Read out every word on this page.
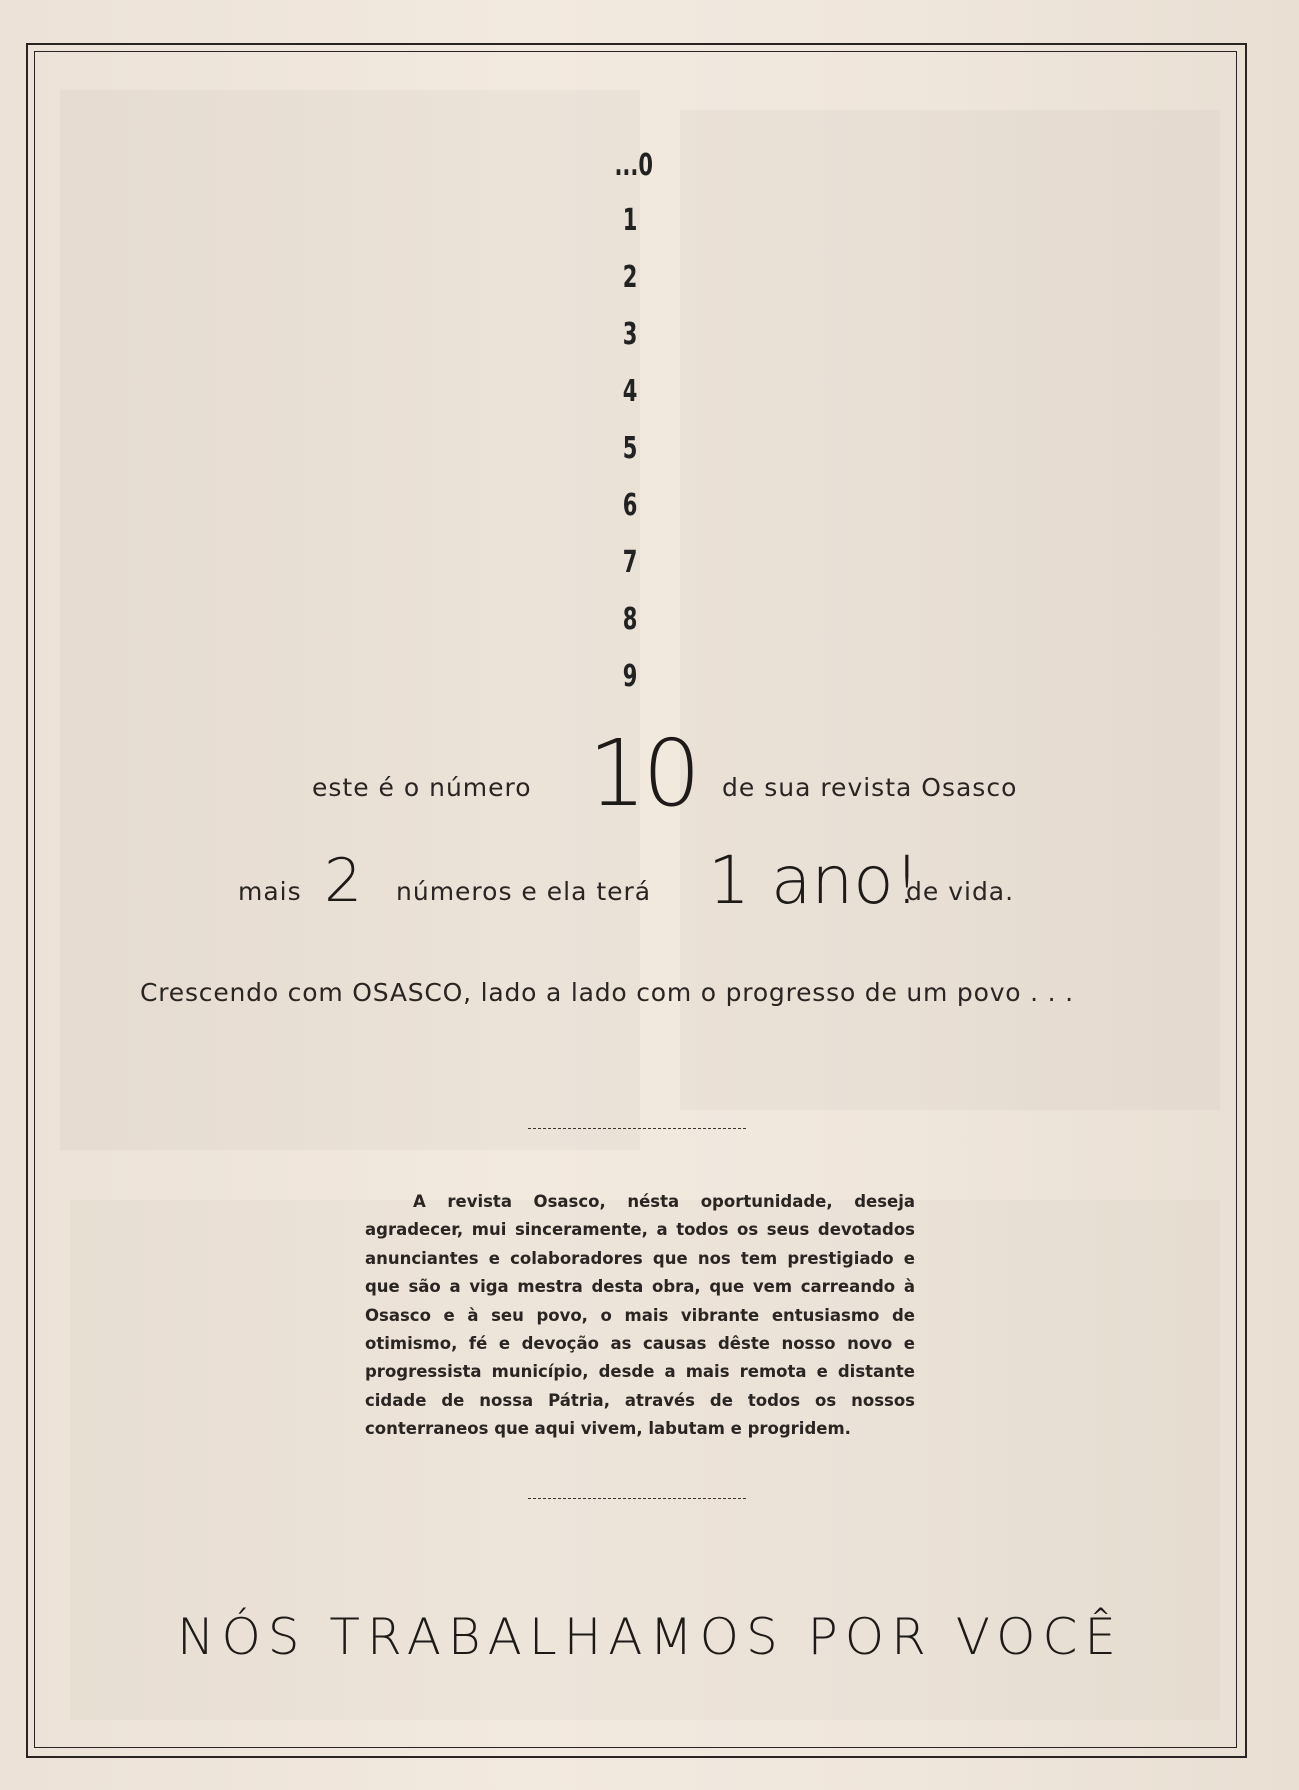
...0
1
2
3
4
5
6
7
8
9
este é o número 10 de sua revista Osasco
mais 2 números e ela terá 1 ano!
de vida.
Crescendo com OSASCO, lado a lado com o progresso de um povo . . .
A revista Osasco, nésta oportunidade, deseja agradecer, mui sinceramente, a todos os seus devotados anunciantes e colaboradores que nos tem prestigiado e que são a viga mestra desta obra, que vem carreando à Osasco e à seu povo, o mais vibrante entusiasmo de otimismo, fé e devoção as causas dêste nosso novo e progressista município, desde a mais remota e distante cidade de nossa Pátria, através de todos os nossos conterraneos que aqui vivem, labutam e progridem.
NÓS TRABALHAMOS POR VOCÊ
